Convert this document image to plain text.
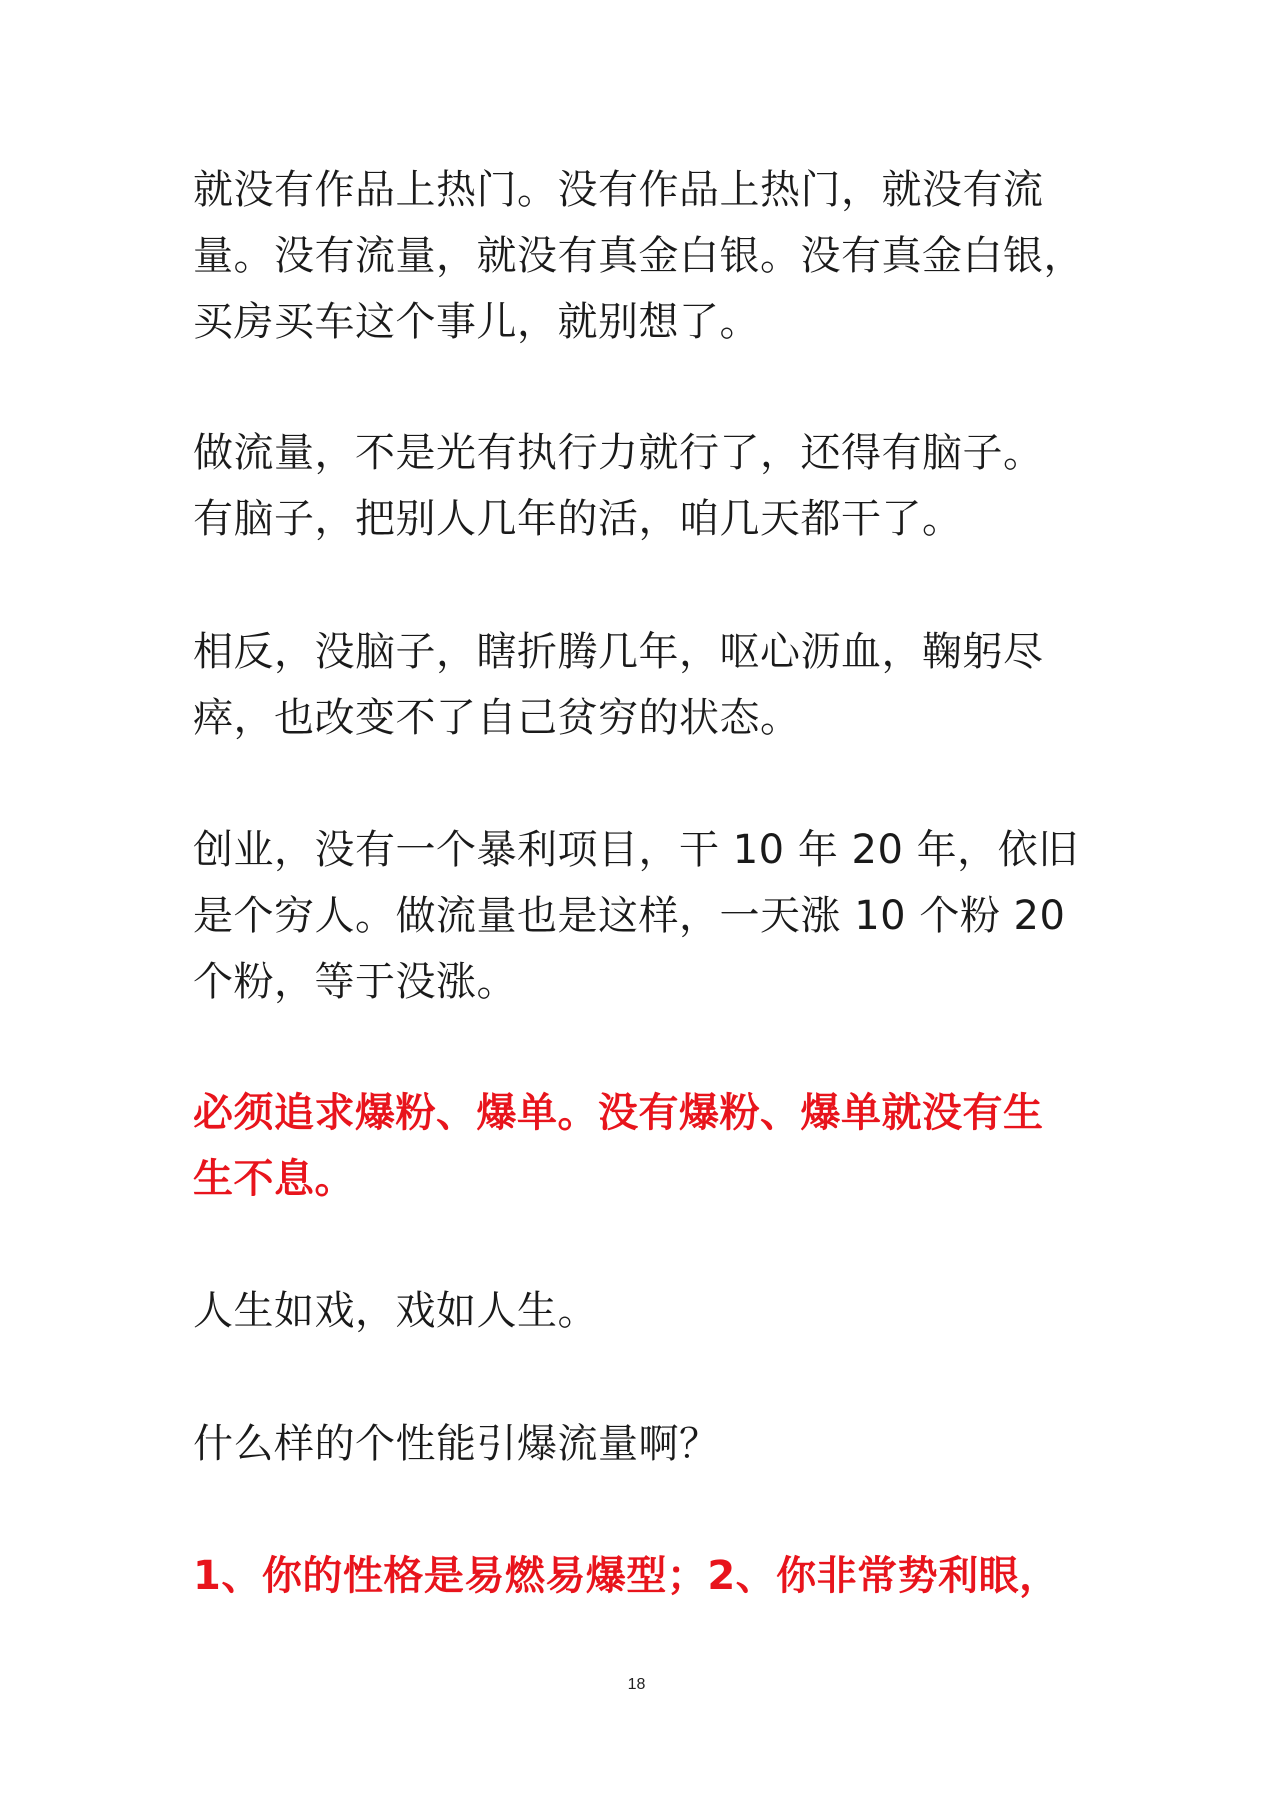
就没有作品上热门。没有作品上热门，就没有流
量。没有流量，就没有真金白银。没有真金白银，
买房买车这个事儿，就别想了。

做流量，不是光有执行力就行了，还得有脑子。
有脑子，把别人几年的活，咱几天都干了。

相反，没脑子，瞎折腾几年，呕心沥血，鞠躬尽
瘁，也改变不了自己贫穷的状态。

创业，没有一个暴利项目，干 10 年 20 年，依旧
是个穷人。做流量也是这样，一天涨 10 个粉 20
个粉，等于没涨。

必须追求爆粉、爆单。没有爆粉、爆单就没有生
生不息。

人生如戏，戏如人生。

什么样的个性能引爆流量啊？

1、你的性格是易燃易爆型；2、你非常势利眼，

18
